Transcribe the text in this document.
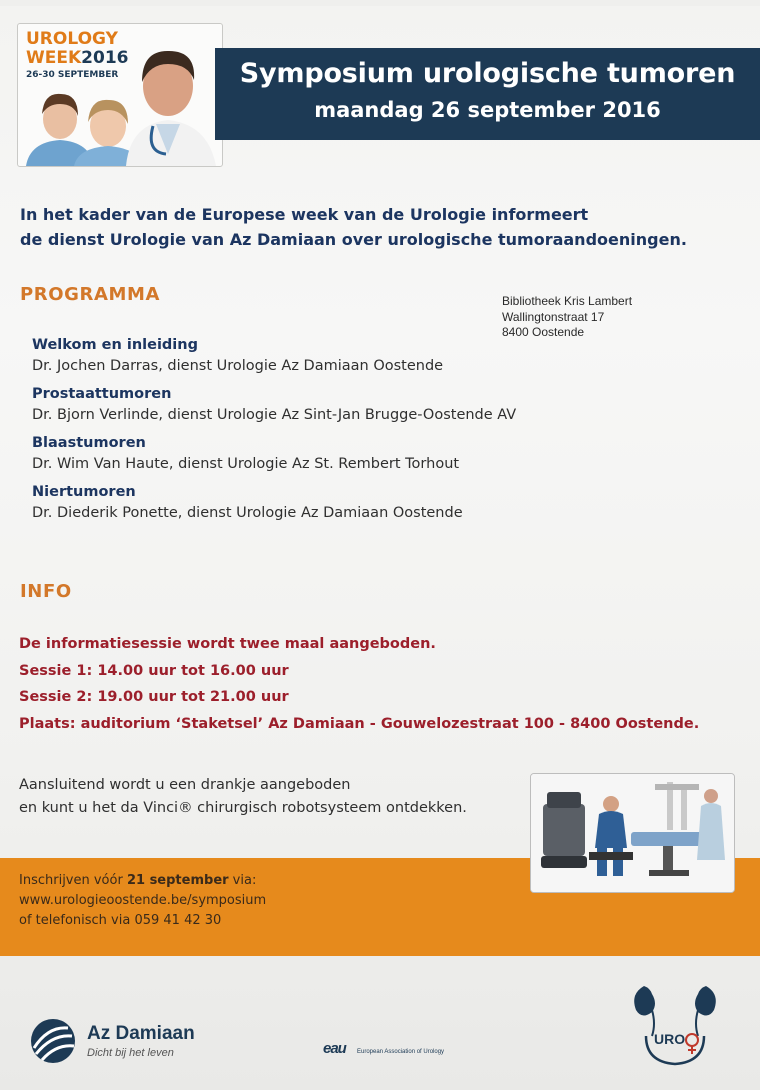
UROLOGY
WEEK2016
26-30 SEPTEMBER	Symposium urologische tumoren
maandag 26 september 2016
In het kader van de Europese week van de Urologie informeert
de dienst Urologie van Az Damiaan over urologische tumoraandoeningen.
PROGRAMMA	Bibliotheek Kris Lambert
Wallingtonstraat 17
8400 Oostende
Welkom en inleiding
Dr. Jochen Darras, dienst Urologie Az Damiaan Oostende
Prostaattumoren
Dr. Bjorn Verlinde, dienst Urologie Az Sint-Jan Brugge-Oostende AV
Blaastumoren
Dr. Wim Van Haute, dienst Urologie Az St. Rembert Torhout
Niertumoren
Dr. Diederik Ponette, dienst Urologie Az Damiaan Oostende
INFO
De informatiesessie wordt twee maal aangeboden.
Sessie 1: 14.00 uur tot 16.00 uur
Sessie 2: 19.00 uur tot 21.00 uur
Plaats: auditorium ‘Staketsel’ Az Damiaan - Gouwelozestraat 100 - 8400 Oostende.
Aansluitend wordt u een drankje aangeboden
en kunt u het da Vinci® chirurgisch robotsysteem ontdekken.
Inschrijven vóór 21 september via:
www.urologieoostende.be/symposium
of telefonisch via 059 41 42 30
Az Damiaan
Dicht bij het leven	eau European Association of Urology
URO
